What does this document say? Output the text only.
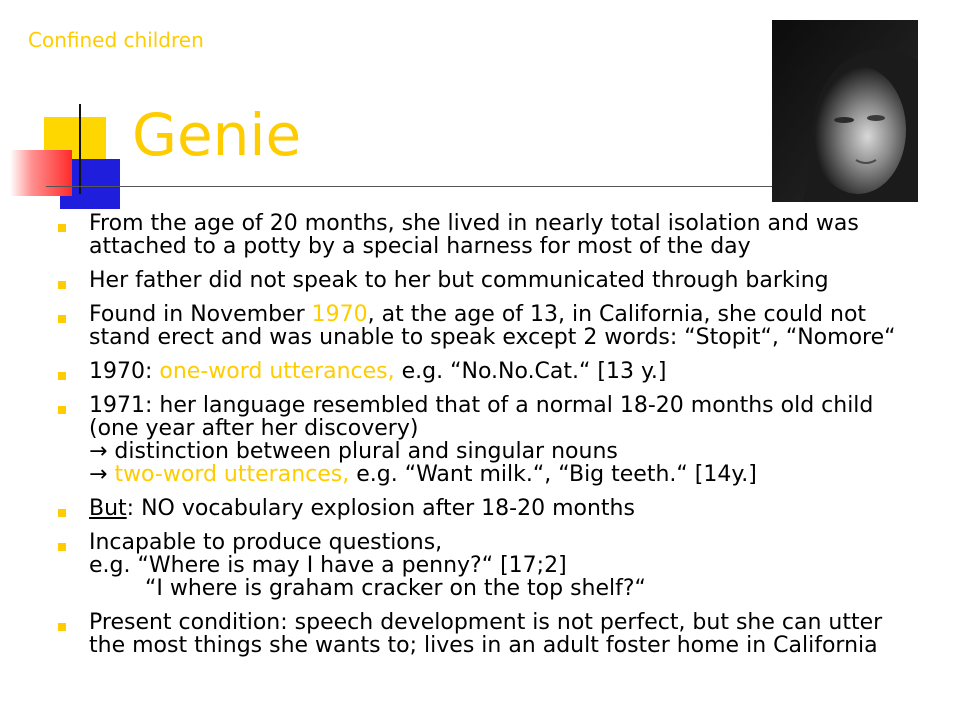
Confined children
Genie
From the age of 20 months, she lived in nearly total isolation and was
attached to a potty by a special harness for most of the day
Her father did not speak to her but communicated through barking
Found in November 1970, at the age of 13, in California, she could not
stand erect and was unable to speak except 2 words: “Stopit“, “Nomore“
1970: one-word utterances, e.g. “No.No.Cat.“ [13 y.]
1971: her language resembled that of a normal 18-20 months old child
(one year after her discovery)
→ distinction between plural and singular nouns
→ two-word utterances, e.g. “Want milk.“, “Big teeth.“ [14y.]
But: NO vocabulary explosion after 18-20 months
Incapable to produce questions,
e.g. “Where is may I have a penny?“ [17;2]
“I where is graham cracker on the top shelf?“
Present condition: speech development is not perfect, but she can utter
the most things she wants to; lives in an adult foster home in California
